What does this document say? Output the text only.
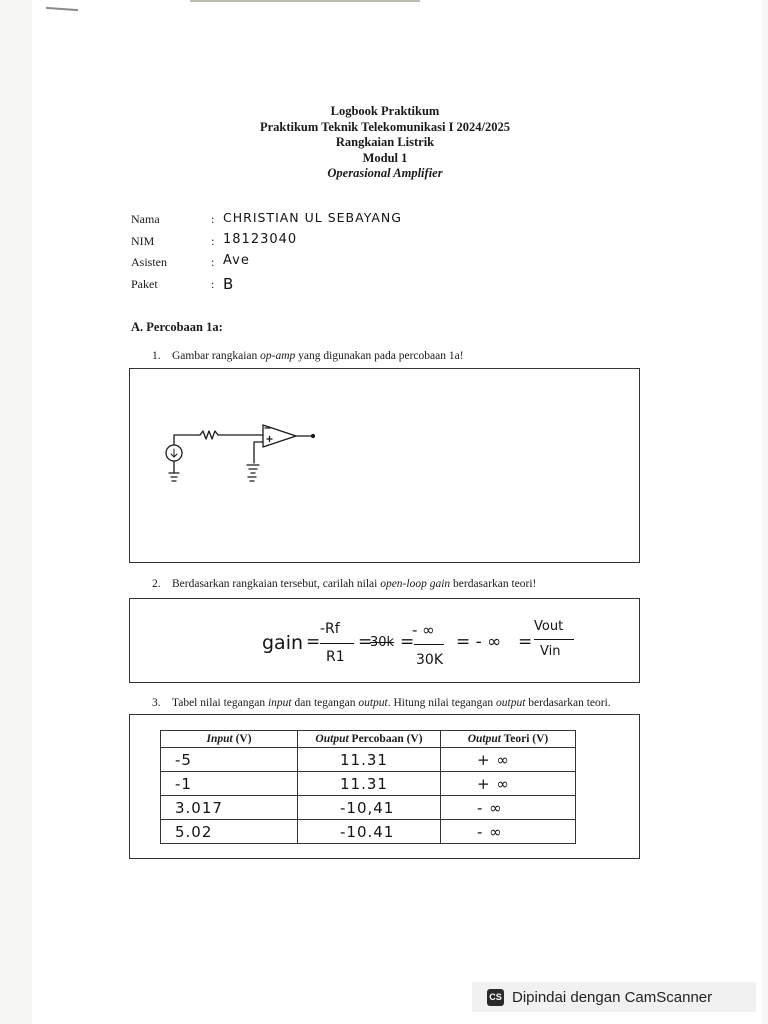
Logbook Praktikum
Praktikum Teknik Telekomunikasi I 2024/2025
Rangkaian Listrik
Modul 1
Operasional Amplifier
Nama	: CHRISTIAN UL SEBAYANG
NIM	: 18123040
Asisten	: Ave
Paket	: B
A. Percobaan 1a:
1. Gambar rangkaian op-amp yang digunakan pada percobaan 1a!
2. Berdasarkan rangkaian tersebut, carilah nilai open-loop gain berdasarkan teori!
gain =
-Rf
R1
=
30k =
- ∞
30K
= - ∞ =
Vout
Vin
3. Tabel nilai tegangan input dan tegangan output. Hitung nilai tegangan output berdasarkan teori.
Input (V)	Output Percobaan (V)	Output Teori (V)
-5	11.31	+ ∞
-1	11.31	+ ∞
3.017	-10,41	- ∞
5.02	-10.41	- ∞
CS Dipindai dengan CamScanner
